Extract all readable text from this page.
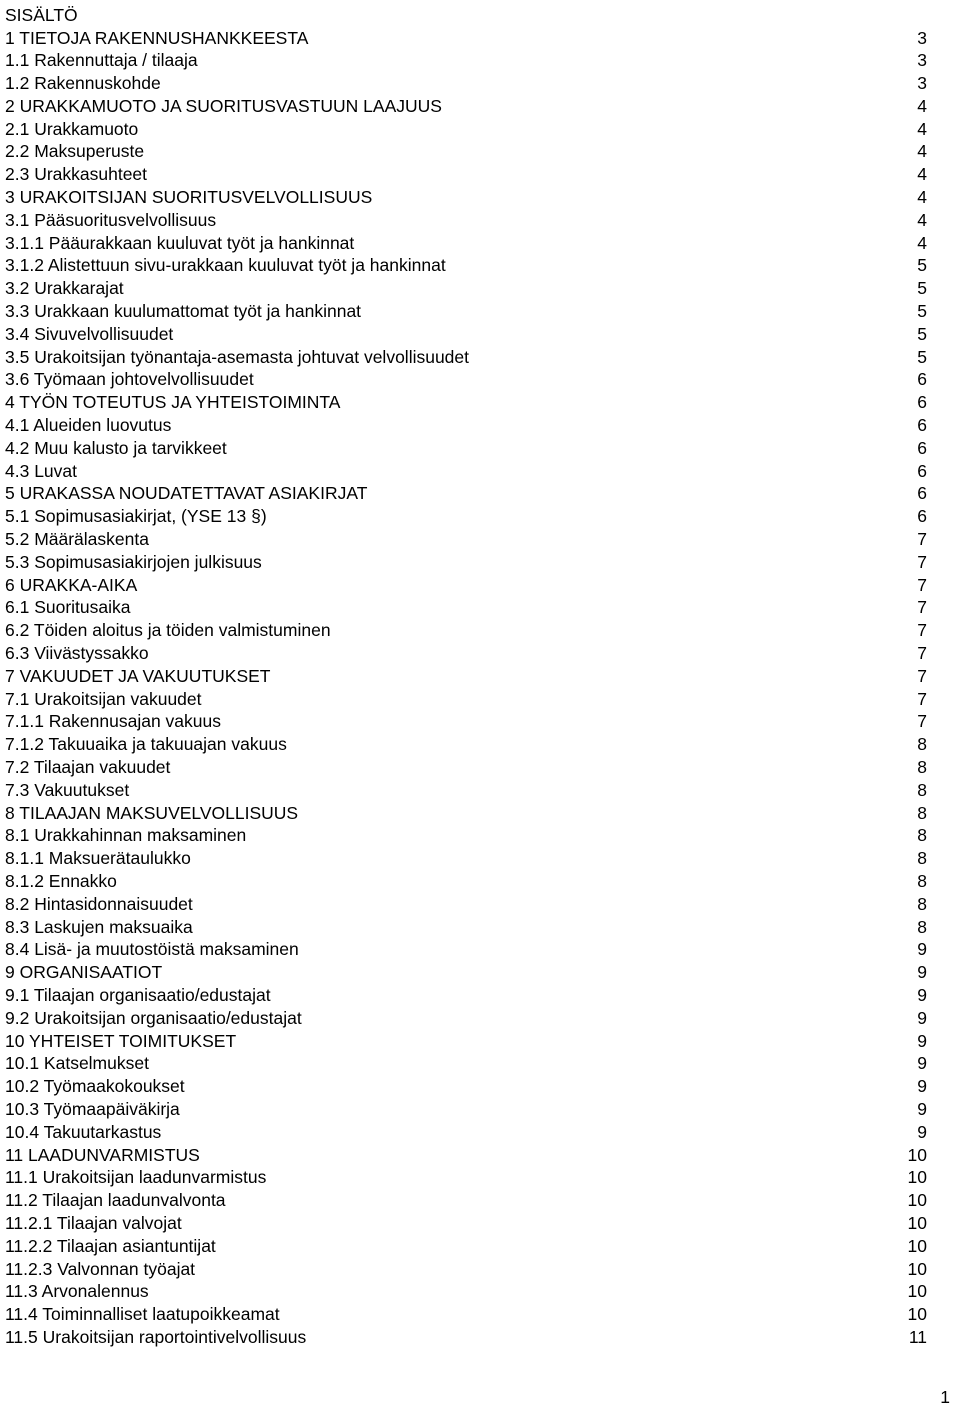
SISÄLTÖ
1 TIETOJA RAKENNUSHANKKEESTA	3
1.1 Rakennuttaja / tilaaja	3
1.2 Rakennuskohde	3
2 URAKKAMUOTO JA SUORITUSVASTUUN LAAJUUS	4
2.1 Urakkamuoto	4
2.2 Maksuperuste	4
2.3 Urakkasuhteet	4
3 URAKOITSIJAN SUORITUSVELVOLLISUUS	4
3.1 Pääsuoritusvelvollisuus	4
3.1.1 Pääurakkaan kuuluvat työt ja hankinnat	4
3.1.2 Alistettuun sivu-urakkaan kuuluvat työt ja hankinnat	5
3.2 Urakkarajat	5
3.3 Urakkaan kuulumattomat työt ja hankinnat	5
3.4 Sivuvelvollisuudet	5
3.5 Urakoitsijan työnantaja-asemasta johtuvat velvollisuudet	5
3.6 Työmaan johtovelvollisuudet	6
4 TYÖN TOTEUTUS JA YHTEISTOIMINTA	6
4.1 Alueiden luovutus	6
4.2 Muu kalusto ja tarvikkeet	6
4.3 Luvat	6
5 URAKASSA NOUDATETTAVAT ASIAKIRJAT	6
5.1 Sopimusasiakirjat, (YSE 13 §)	6
5.2 Määrälaskenta	7
5.3 Sopimusasiakirjojen julkisuus	7
6 URAKKA-AIKA	7
6.1 Suoritusaika	7
6.2 Töiden aloitus ja töiden valmistuminen	7
6.3 Viivästyssakko	7
7 VAKUUDET JA VAKUUTUKSET	7
7.1 Urakoitsijan vakuudet	7
7.1.1 Rakennusajan vakuus	7
7.1.2 Takuuaika ja takuuajan vakuus	8
7.2 Tilaajan vakuudet	8
7.3 Vakuutukset	8
8 TILAAJAN MAKSUVELVOLLISUUS	8
8.1 Urakkahinnan maksaminen	8
8.1.1 Maksuerätaulukko	8
8.1.2 Ennakko	8
8.2 Hintasidonnaisuudet	8
8.3 Laskujen maksuaika	8
8.4 Lisä- ja muutostöistä maksaminen	9
9 ORGANISAATIOT	9
9.1 Tilaajan organisaatio/edustajat	9
9.2 Urakoitsijan organisaatio/edustajat	9
10 YHTEISET TOIMITUKSET	9
10.1 Katselmukset	9
10.2 Työmaakokoukset	9
10.3 Työmaapäiväkirja	9
10.4 Takuutarkastus	9
11 LAADUNVARMISTUS	10
11.1 Urakoitsijan laadunvarmistus	10
11.2 Tilaajan laadunvalvonta	10
11.2.1 Tilaajan valvojat	10
11.2.2 Tilaajan asiantuntijat	10
11.2.3 Valvonnan työajat	10
11.3 Arvonalennus	10
11.4 Toiminnalliset laatupoikkeamat	10
11.5 Urakoitsijan raportointivelvollisuus	11
1
